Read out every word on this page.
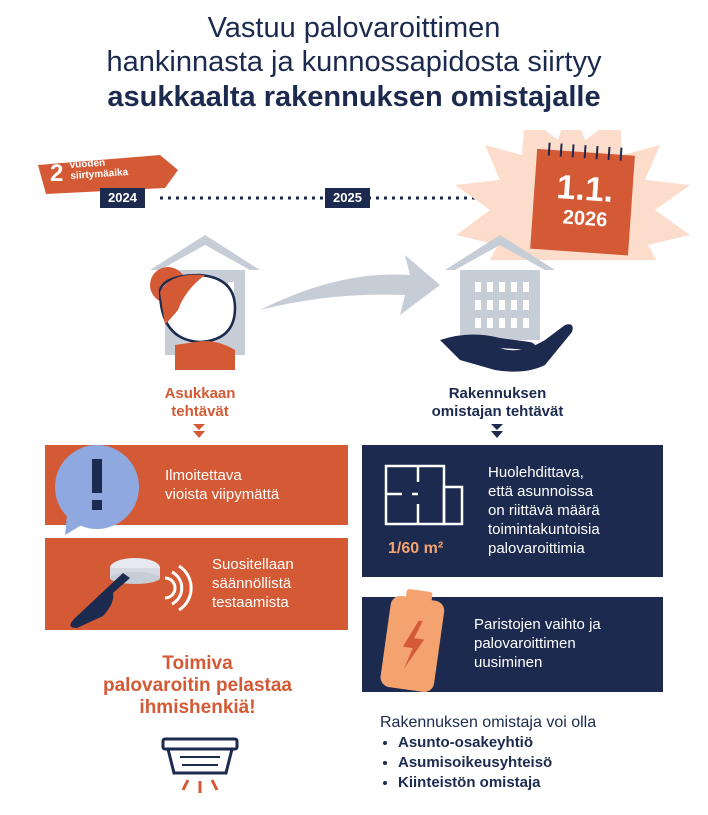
Vastuu palovaroittimen
hankinnasta ja kunnossapidosta siirtyy
asukkaalta rakennuksen omistajalle
2 vuoden
siirtymäaika
2024	2025	1.1.
2026
Asukkaan
tehtävät
Rakennuksen
omistajan tehtävät
Ilmoitettava
vioista viipymättä
Suositellaan
säännöllistä
testaamista
Toimiva
palovaroitin pelastaa
ihmishenkiä!
1/60 m²
Huolehdittava,
että asunnoissa
on riittävä määrä
toimintakuntoisia
palovaroittimia
Paristojen vaihto ja
palovaroittimen
uusiminen
Rakennuksen omistaja voi olla
• Asunto-osakeyhtiö
• Asumisoikeusyhteisö
• Kiinteistön omistaja
